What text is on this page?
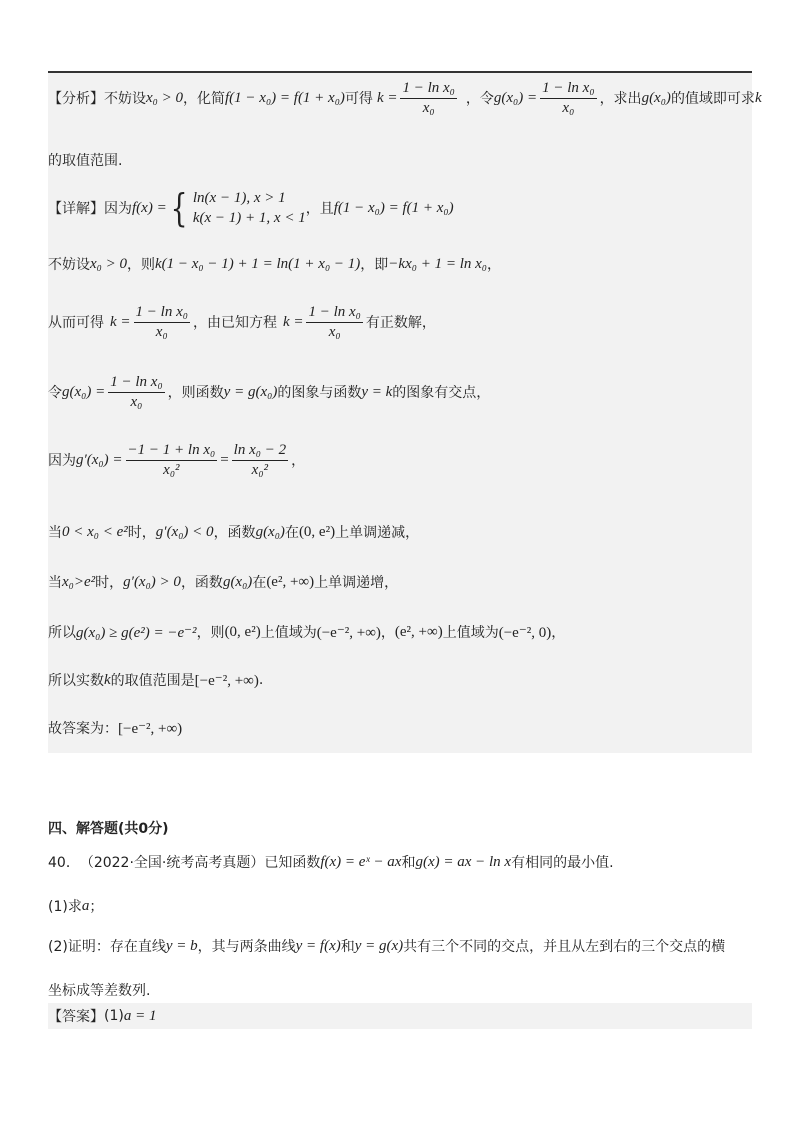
【分析】 不妨设 x₀ > 0 ，化简 f(1 − x₀) = f(1 + x₀) 可得 $k = \frac{\text{1 − ln x₀}}{\text{x₀}}$ ，令 $g(x_0) = \frac{\text{1 − ln x₀}}{\text{x₀}}$ ，求出 g(x₀) 的值域即可求 k
的取值范围.
【详解】 因为 f(x) = { ln(x − 1), x > 1
k(x − 1) + 1, x < 1
，且 f(1 − x₀) = f(1 + x₀)
不妨设 x₀ > 0 ，则 k(1 − x₀ − 1) + 1 = ln(1 + x₀ − 1) ，即 −kx₀ + 1 = ln x₀ ，
从而可得 $k = \frac{\text{1 − ln x₀}}{\text{x₀}}$ ，由已知方程 $k = \frac{\text{1 − ln x₀}}{\text{x₀}}$ 有正数解，
令 $g(x_0) = \frac{\text{1 − ln x₀}}{\text{x₀}}$ ，则函数 y = g(x₀) 的图象与函数 y = k 的图象有交点，
因为 $g'(x_0) = \frac{\text{−1 − 1 + ln x₀}}{\text{x₀²}} = \frac{\text{ln x₀ − 2}}{\text{x₀²}}$ ，
当 0 < x₀ < e² 时， g′(x₀) < 0 ，函数 g(x₀) 在 (0, e²) 上单调递减，
当 x₀>e² 时， g′(x₀) > 0 ，函数 g(x₀) 在 (e², +∞) 上单调递增，
所以 g(x₀) ≥ g(e²) = −e⁻² ，则 (0, e²) 上值域为 (−e⁻², +∞) ， (e², +∞) 上值域为 (−e⁻², 0) ，
所以实数 k 的取值范围是 [−e⁻², +∞) .
故答案为： [−e⁻², +∞)
四、解答题(共0分)
40． （2022·全国·统考高考真题）已知函数 f(x) = eˣ − ax 和 g(x) = ax − ln x 有相同的最小值.
(1)求 a ；
(2)证明：存在直线 y = b ，其与两条曲线 y = f(x) 和 y = g(x) 共有三个不同的交点，并且从左到右的三个交点的横
坐标成等差数列.
【答案】 (1) a = 1
